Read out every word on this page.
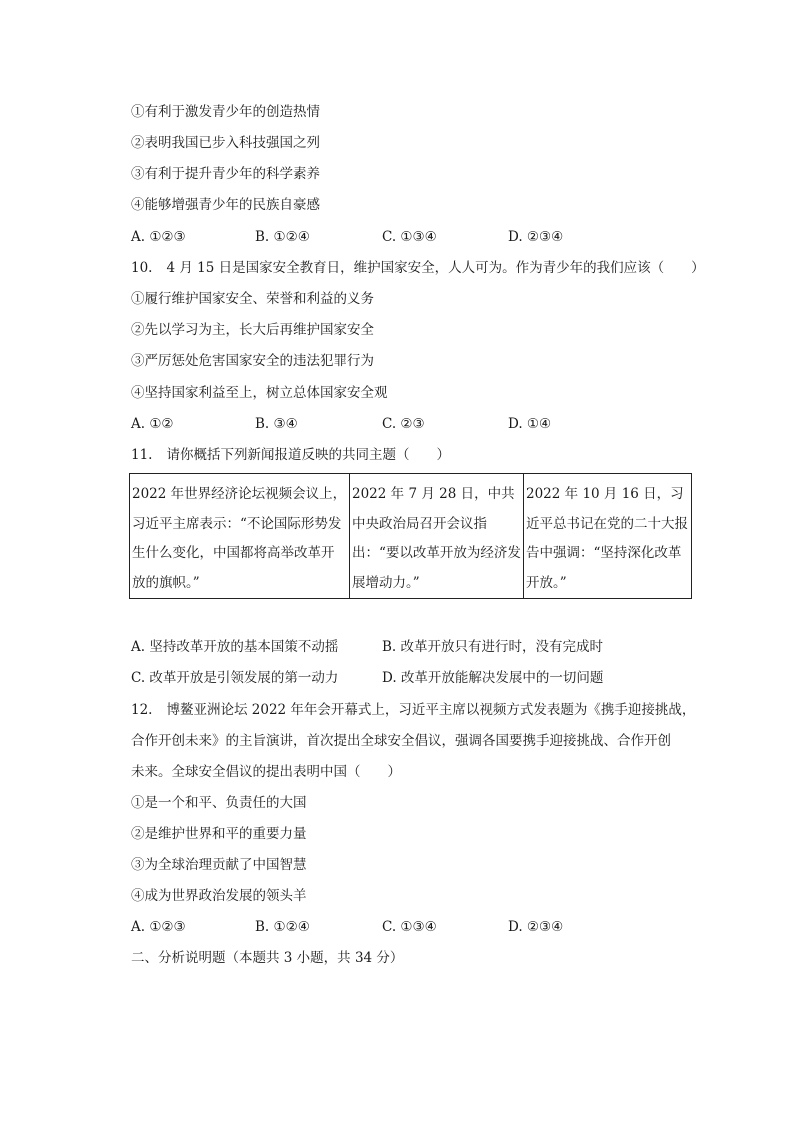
①有利于激发青少年的创造热情
②表明我国已步入科技强国之列
③有利于提升青少年的科学素养
④能够增强青少年的民族自豪感
A. ①②③	B. ①②④	C. ①③④	D. ②③④
10. 4 月 15 日是国家安全教育日，维护国家安全，人人可为。作为青少年的我们应该（　　）
①履行维护国家安全、荣誉和利益的义务
②先以学习为主，长大后再维护国家安全
③严厉惩处危害国家安全的违法犯罪行为
④坚持国家利益至上，树立总体国家安全观
A. ①②	B. ③④	C. ②③	D. ①④
11. 请你概括下列新闻报道反映的共同主题（　　）
2022 年世界经济论坛视频会议上，习近平主席表示：“不论国际形势发生什么变化，中国都将高举改革开放的旗帜。”	2022 年 7 月 28 日，中共中央政治局召开会议指出：“要以改革开放为经济发展增动力。”	2022 年 10 月 16 日，习近平总书记在党的二十大报告中强调：“坚持深化改革开放。”
A. 坚持改革开放的基本国策不动摇	B. 改革开放只有进行时，没有完成时
C. 改革开放是引领发展的第一动力	D. 改革开放能解决发展中的一切问题
12. 博鳌亚洲论坛 2022 年年会开幕式上，习近平主席以视频方式发表题为《携手迎接挑战，
合作开创未来》的主旨演讲，首次提出全球安全倡议，强调各国要携手迎接挑战、合作开创
未来。全球安全倡议的提出表明中国（　　）
①是一个和平、负责任的大国
②是维护世界和平的重要力量
③为全球治理贡献了中国智慧
④成为世界政治发展的领头羊
A. ①②③	B. ①②④	C. ①③④	D. ②③④
二、分析说明题（本题共 3 小题，共 34 分）
